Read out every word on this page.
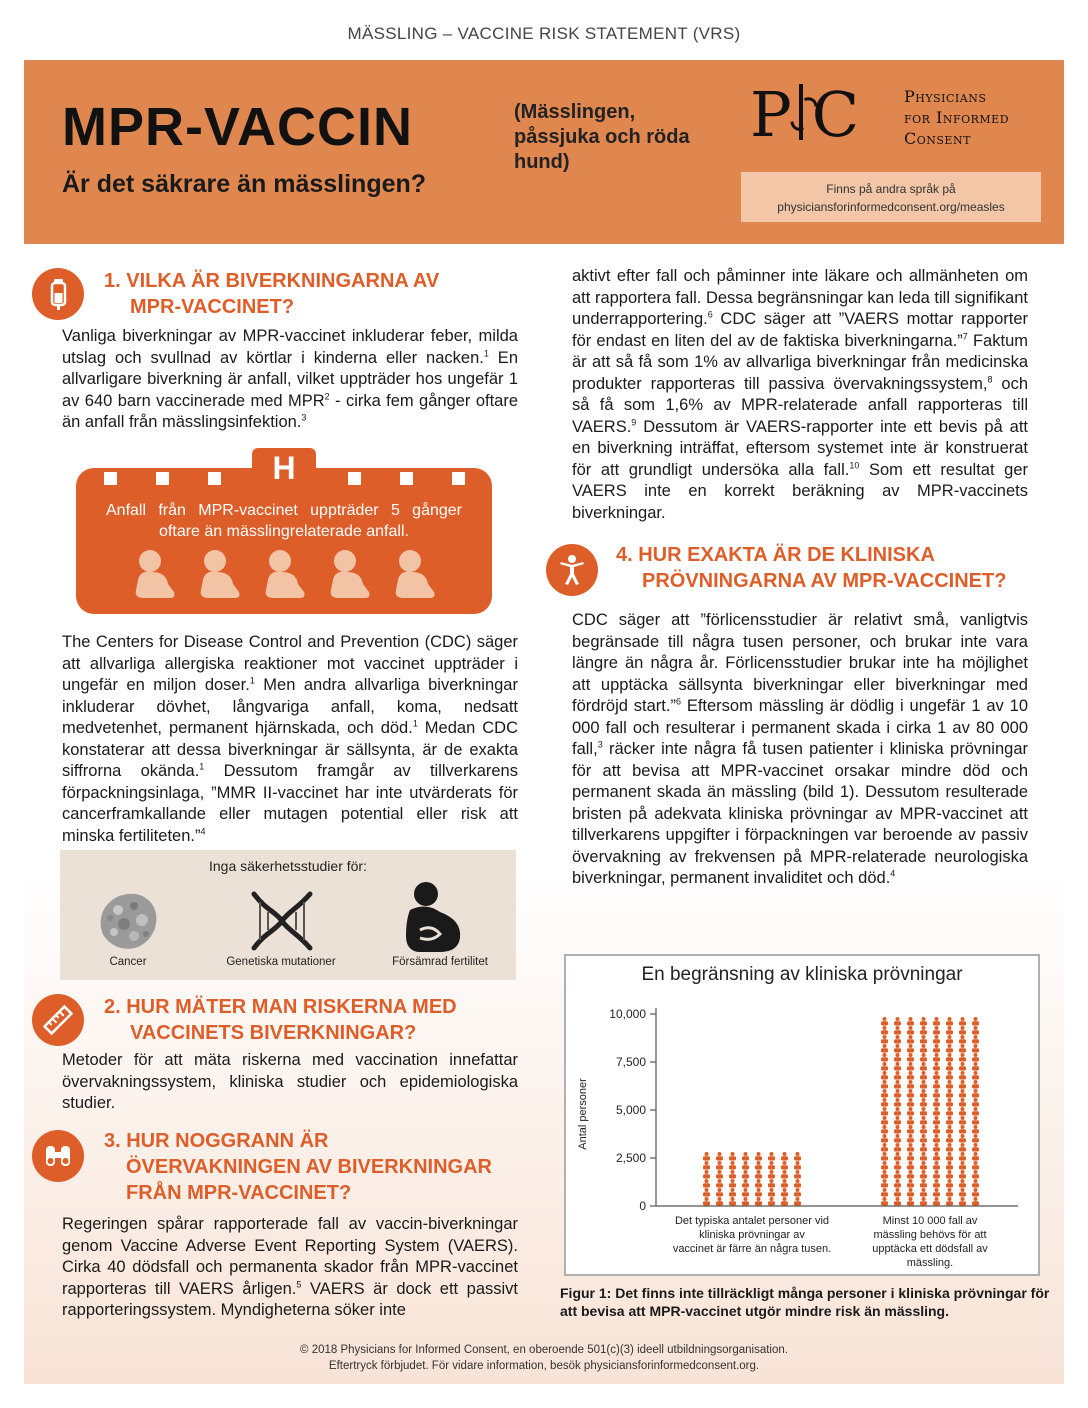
MÄSSLING – VACCINE RISK STATEMENT (VRS)
MPR-VACCIN
Är det säkrare än mässlingen?
(Mässlingen,
påssjuka och röda
hund)
P C	Physicians
for Informed
Consent
Finns på andra språk på
physiciansforinformedconsent.org/measles
1. VILKA ÄR BIVERKNINGARNA AV
MPR-VACCINET?
Vanliga biverkningar av MPR-vaccinet inkluderar feber, milda utslag och svullnad av körtlar i kinderna eller nacken.$^1$ En allvarligare biverkning är anfall, vilket uppträder hos ungefär 1 av 640 barn vaccinerade med MPR$^2$ - cirka fem gånger oftare än anfall från mässlingsinfektion.$^3$
H
Anfall från MPR-vaccinet uppträder 5 gånger oftare än mässlingrelaterade anfall.
The Centers for Disease Control and Prevention (CDC) säger att allvarliga allergiska reaktioner mot vaccinet uppträder i ungefär en miljon doser.$^1$ Men andra allvarliga biverkningar inkluderar dövhet, långvariga anfall, koma, nedsatt medvetenhet, permanent hjärnskada, och död.$^1$ Medan CDC konstaterar att dessa biverkningar är sällsynta, är de exakta siffrorna okända.$^1$ Dessutom framgår av tillverkarens förpackningsinlaga, ”MMR II-vaccinet har inte utvärderats för cancerframkallande eller mutagen potential eller risk att minska fertiliteten.”$^4$
Inga säkerhetsstudier för:
Cancer	Genetiska mutationer	Försämrad fertilitet
2. HUR MÄTER MAN RISKERNA MED
VACCINETS BIVERKNINGAR?
Metoder för att mäta riskerna med vaccination innefattar övervakningssystem, kliniska studier och epidemiologiska studier.
3. HUR NOGGRANN ÄR
ÖVERVAKNINGEN AV BIVERKNINGAR
FRÅN MPR-VACCINET?
Regeringen spårar rapporterade fall av vaccin-biverkningar genom Vaccine Adverse Event Reporting System (VAERS). Cirka 40 dödsfall och permanenta skador från MPR-vaccinet rapporteras till VAERS årligen.$^5$ VAERS är dock ett passivt rapporteringssystem. Myndigheterna söker inte
aktivt efter fall och påminner inte läkare och allmänheten om att rapportera fall. Dessa begränsningar kan leda till signifikant underrapportering.$^6$ CDC säger att ”VAERS mottar rapporter för endast en liten del av de faktiska biverkningarna.”$^7$ Faktum är att så få som 1% av allvarliga biverkningar från medicinska produkter rapporteras till passiva övervakningssystem,$^8$ och så få som 1,6% av MPR-relaterade anfall rapporteras till VAERS.$^9$ Dessutom är VAERS-rapporter inte ett bevis på att en biverkning inträffat, eftersom systemet inte är konstruerat för att grundligt undersöka alla fall.$^{10}$ Som ett resultat ger VAERS inte en korrekt beräkning av MPR-vaccinets biverkningar.
4. HUR EXAKTA ÄR DE KLINISKA
PRÖVNINGARNA AV MPR-VACCINET?
CDC säger att ”förlicensstudier är relativt små, vanligtvis begränsade till några tusen personer, och brukar inte vara längre än några år. Förlicensstudier brukar inte ha möjlighet att upptäcka sällsynta biverkningar eller biverkningar med fördröjd start.”$^6$ Eftersom mässling är dödlig i ungefär 1 av 10 000 fall och resulterar i permanent skada i cirka 1 av 80 000 fall,$^3$ räcker inte några få tusen patienter i kliniska prövningar för att bevisa att MPR-vaccinet orsakar mindre död och permanent skada än mässling (bild 1). Dessutom resulterade bristen på adekvata kliniska prövningar av MPR-vaccinet att tillverkarens uppgifter i förpackningen var beroende av passiv övervakning av frekvensen på MPR-relaterade neurologiska biverkningar, permanent invaliditet och död.$^4$
En begränsning av kliniska prövningar
Antal personer
0
2,500
5,000
7,500
10,000
Det typiska antalet personer vid
kliniska prövningar av
vaccinet är färre än några tusen.
Minst 10 000 fall av
mässling behövs för att
upptäcka ett dödsfall av
mässling.
Figur 1: Det finns inte tillräckligt många personer i kliniska prövningar för att bevisa att MPR-vaccinet utgör mindre risk än mässling.
© 2018 Physicians for Informed Consent, en oberoende 501(c)(3) ideell utbildningsorganisation.
Eftertryck förbjudet. För vidare information, besök physiciansforinformedconsent.org.
